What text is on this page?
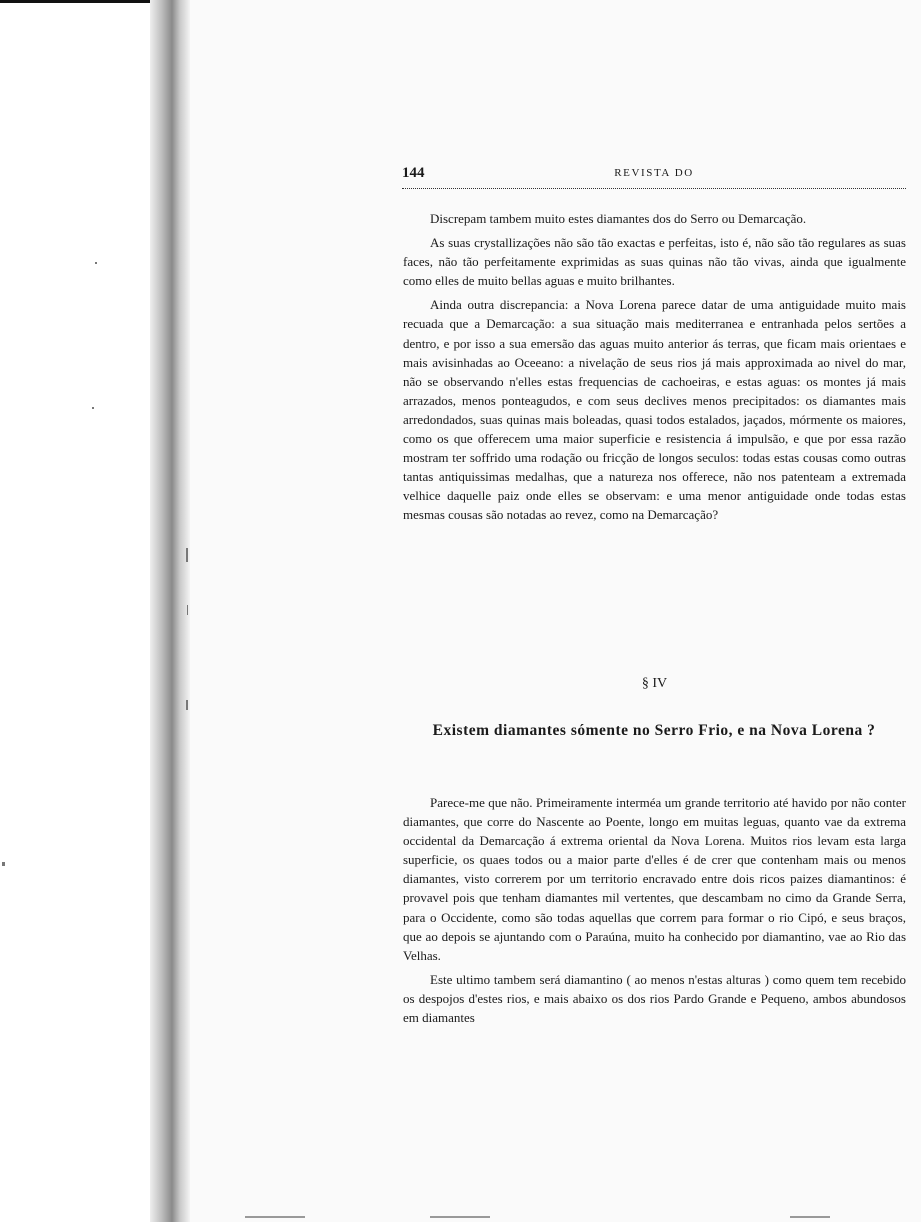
144	REVISTA DO

Discrepam tambem muito estes diamantes dos do Serro ou Demarcação.

As suas crystallizações não são tão exactas e perfeitas, isto é, não são tão regulares as suas faces, não tão perfeitamente exprimidas as suas quinas não tão vivas, ainda que igualmente como elles de muito bellas aguas e muito brilhantes.

Ainda outra discrepancia: a Nova Lorena parece datar de uma antiguidade muito mais recuada que a Demarcação: a sua situação mais mediterranea e entranhada pelos sertões a dentro, e por isso a sua emersão das aguas muito anterior ás terras, que ficam mais orientaes e mais avisinhadas ao Oceeano: a nivelação de seus rios já mais approximada ao nivel do mar, não se observando n'elles estas frequencias de cachoeiras, e estas aguas: os montes já mais arrazados, menos ponteagudos, e com seus declives menos precipitados: os diamantes mais arredondados, suas quinas mais boleadas, quasi todos estalados, jaçados, mórmente os maiores, como os que offerecem uma maior superficie e resistencia á impulsão, e que por essa razão mostram ter soffrido uma rodação ou fricção de longos seculos: todas estas cousas como outras tantas antiquissimas medalhas, que a natureza nos offerece, não nos patenteam a extremada velhice daquelle paiz onde elles se observam: e uma menor antiguidade onde todas estas mesmas cousas são notadas ao revez, como na Demarcação?

§ IV
Existem diamantes sómente no Serro Frio, e na Nova Lorena ?

Parece-me que não. Primeiramente interméa um grande territorio até havido por não conter diamantes, que corre do Nascente ao Poente, longo em muitas leguas, quanto vae da extrema occidental da Demarcação á extrema oriental da Nova Lorena. Muitos rios levam esta larga superficie, os quaes todos ou a maior parte d'elles é de crer que contenham mais ou menos diamantes, visto correrem por um territorio encravado entre dois ricos paizes diamantinos: é provavel pois que tenham diamantes mil vertentes, que descambam no cimo da Grande Serra, para o Occidente, como são todas aquellas que correm para formar o rio Cipó, e seus braços, que ao depois se ajuntando com o Paraúna, muito ha conhecido por diamantino, vae ao Rio das Velhas.

Este ultimo tambem será diamantino ( ao menos n'estas alturas ) como quem tem recebido os despojos d'estes rios, e mais abaixo os dos rios Pardo Grande e Pequeno, ambos abundosos em diamantes
